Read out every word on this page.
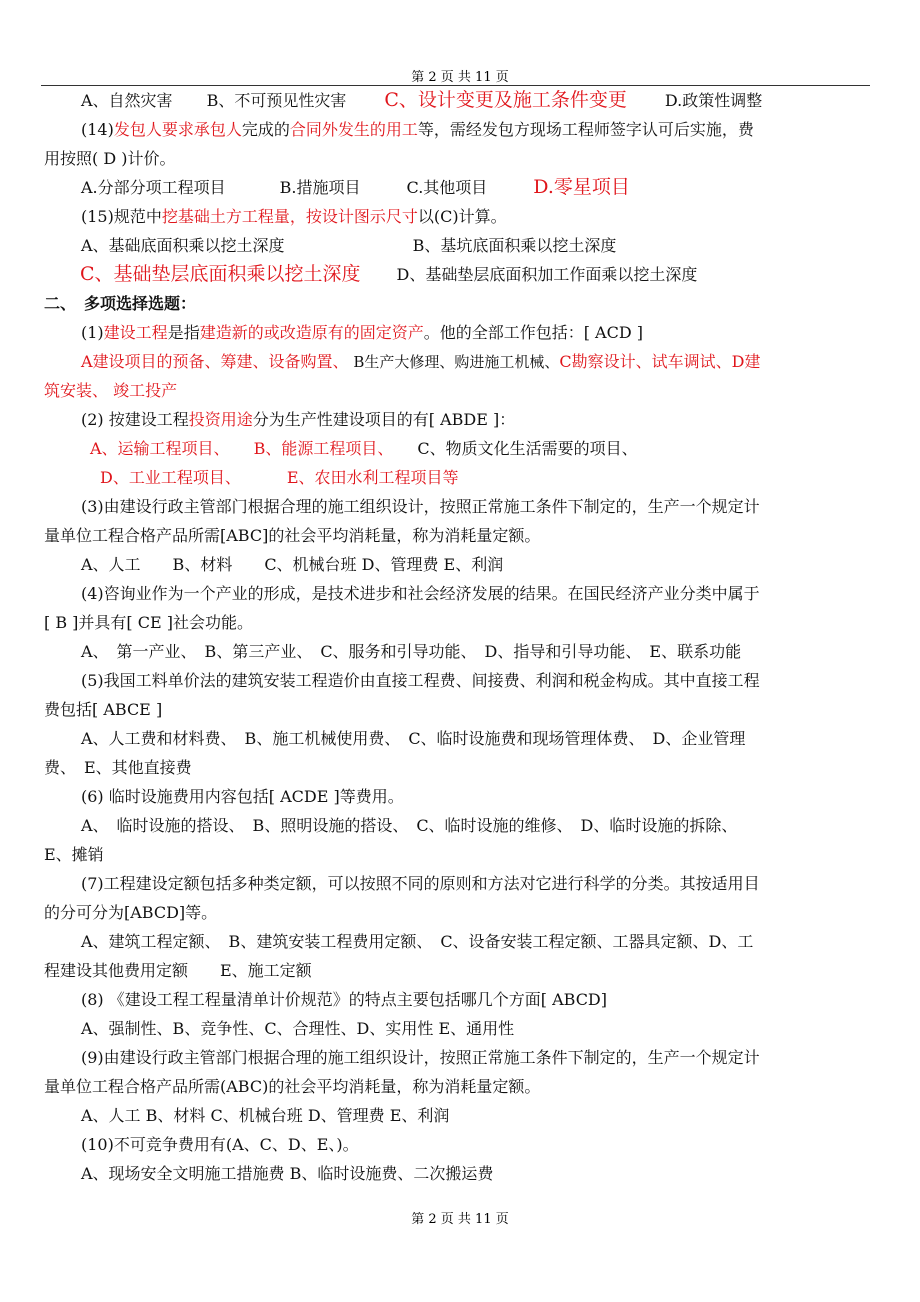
第 2 页 共 11 页
A、自然灾害 B、不可预见性灾害 C、设计变更及施工条件变更 D.政策性调整
(14)发包人要求承包人完成的合同外发生的用工等，需经发包方现场工程师签字认可后实施，费
用按照( D )计价。
A.分部分项工程项目	B.措施项目	C.其他项目 D.零星项目
(15)规范中挖基础土方工程量，按设计图示尺寸以(C)计算。
A、基础底面积乘以挖土深度	B、基坑底面积乘以挖土深度
C、基础垫层底面积乘以挖土深度 D、基础垫层底面积加工作面乘以挖土深度
二、　多项选择选题：
(1)建设工程是指建造新的或改造原有的固定资产。他的全部工作包括：[ ACD ]
A建设项目的预备、筹建、设备购置、 B生产大修理、购进施工机械、C勘察设计、试车调试、D建
筑安装、 竣工投产
(2) 按建设工程投资用途分为生产性建设项目的有[ ABDE ]：
A、运输工程项目、 B、能源工程项目、 C、物质文化生活需要的项目、
D、工业工程项目、	E、农田水利工程项目等
(3)由建设行政主管部门根据合理的施工组织设计，按照正常施工条件下制定的，生产一个规定计
量单位工程合格产品所需[ABC]的社会平均消耗量，称为消耗量定额。
A、人工　　B、材料　　C、机械台班 D、管理费 E、利润
(4)咨询业作为一个产业的形成，是技术进步和社会经济发展的结果。在国民经济产业分类中属于
[ B ]并具有[ CE ]社会功能。
A、　第一产业、　B、第三产业、　C、服务和引导功能、　D、指导和引导功能、　E、联系功能
(5)我国工料单价法的建筑安装工程造价由直接工程费、间接费、利润和税金构成。其中直接工程
费包括[ ABCE ]
A、人工费和材料费、　B、施工机械使用费、　C、临时设施费和现场管理体费、　D、企业管理
费、　E、其他直接费
(6) 临时设施费用内容包括[ ACDE ]等费用。
A、　临时设施的搭设、　B、照明设施的搭设、　C、临时设施的维修、　D、临时设施的拆除、
E、摊销
(7)工程建设定额包括多种类定额，可以按照不同的原则和方法对它进行科学的分类。其按适用目
的分可分为[ABCD]等。
A、建筑工程定额、　B、建筑安装工程费用定额、　C、设备安装工程定额、工器具定额、D、工
程建设其他费用定额　　E、施工定额
(8) 《建设工程工程量清单计价规范》的特点主要包括哪几个方面[ ABCD]
A、强制性、B、竞争性、C、合理性、D、实用性 E、通用性
(9)由建设行政主管部门根据合理的施工组织设计，按照正常施工条件下制定的，生产一个规定计
量单位工程合格产品所需(ABC)的社会平均消耗量，称为消耗量定额。
A、人工 B、材料 C、机械台班 D、管理费 E、利润
(10)不可竞争费用有(A、C、D、E、)。
A、现场安全文明施工措施费 B、临时设施费、二次搬运费
第 2 页 共 11 页
